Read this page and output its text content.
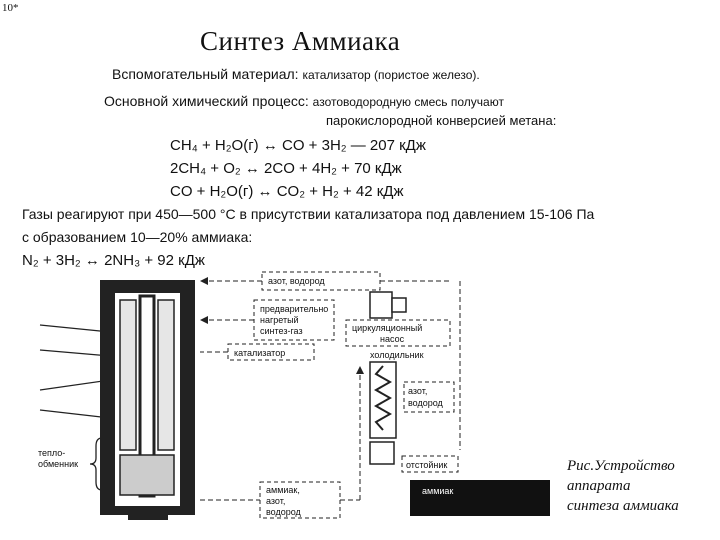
10*
Синтез Аммиака
Вспомогательный материал: катализатор (пористое железо).
Основной химический процесс: азотоводородную смесь получают
парокислородной конверсией метана:
CH₄ + H₂O(г) ↔ CO + 3H₂ — 207 кДж
2CH₄ + O₂ ↔ 2CO + 4H₂ + 70 кДж
CO + H₂O(г) ↔ CO₂ + H₂ + 42 кДж
Газы реагируют при 450—500 °С в присутствии катализатора под давлением 15-106 Па
с образованием 10—20% аммиака:
N₂ + 3H₂ ↔ 2NH₃ + 92 кДж
тепло-
обменник
азот, водород
предварительно
нагретый
синтез-газ	циркуляционный
насос
катализатор	холодильник
азот,
водород
отстойник
аммиак
аммиак,
азот,
водород
Рис.Устройство
аппарата
синтеза аммиака
